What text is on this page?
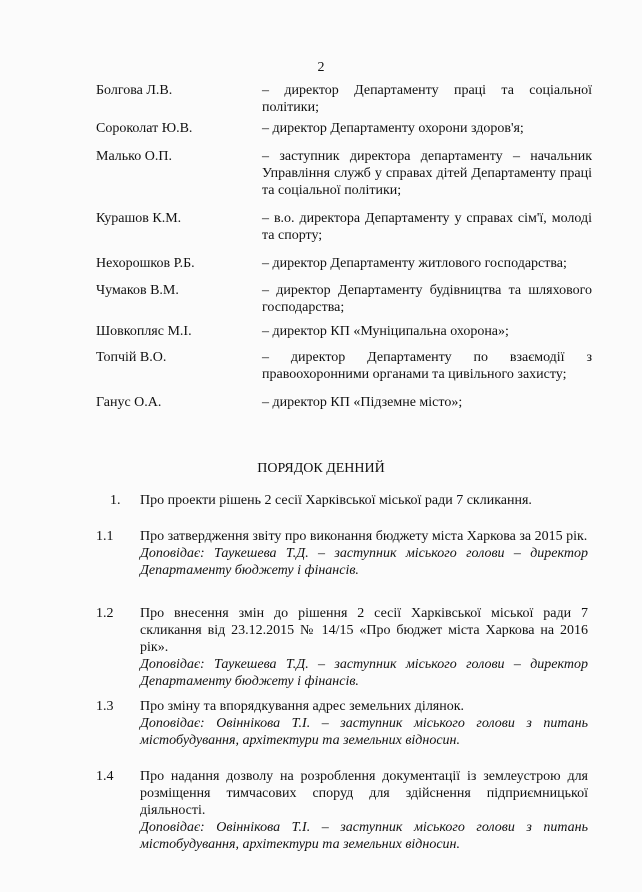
2
Болгова Л.В.	– директор Департаменту праці та соціальної політики;
Сороколат Ю.В.	– директор Департаменту охорони здоров'я;
Малько О.П.	– заступник директора департаменту – начальник Управління служб у справах дітей Департаменту праці та соціальної політики;
Курашов К.М.	– в.о. директора Департаменту у справах сім'ї, молоді та спорту;
Нехорошков Р.Б.	– директор Департаменту житлового господарства;
Чумаков В.М.	– директор Департаменту будівництва та шляхового господарства;
Шовкопляс М.І.	– директор КП «Муніципальна охорона»;
Топчій В.О.	– директор Департаменту по взаємодії з правоохоронними органами та цивільного захисту;
Ганус О.А.	– директор КП «Підземне місто»;
ПОРЯДОК ДЕННИЙ
1.	Про проекти рішень 2 сесії Харківської міської ради 7 скликання.
1.1	Про затвердження звіту про виконання бюджету міста Харкова за 2015 рік.
Доповідає: Таукешева Т.Д. – заступник міського голови – директор Департаменту бюджету і фінансів.
1.2	Про внесення змін до рішення 2 сесії Харківської міської ради 7 скликання від 23.12.2015 № 14/15 «Про бюджет міста Харкова на 2016 рік».
Доповідає: Таукешева Т.Д. – заступник міського голови – директор Департаменту бюджету і фінансів.
1.3	Про зміну та впорядкування адрес земельних ділянок.
Доповідає: Овіннікова Т.І. – заступник міського голови з питань містобудування, архітектури та земельних відносин.
1.4	Про надання дозволу на розроблення документації із землеустрою для розміщення тимчасових споруд для здійснення підприємницької діяльності.
Доповідає: Овіннікова Т.І. – заступник міського голови з питань містобудування, архітектури та земельних відносин.
